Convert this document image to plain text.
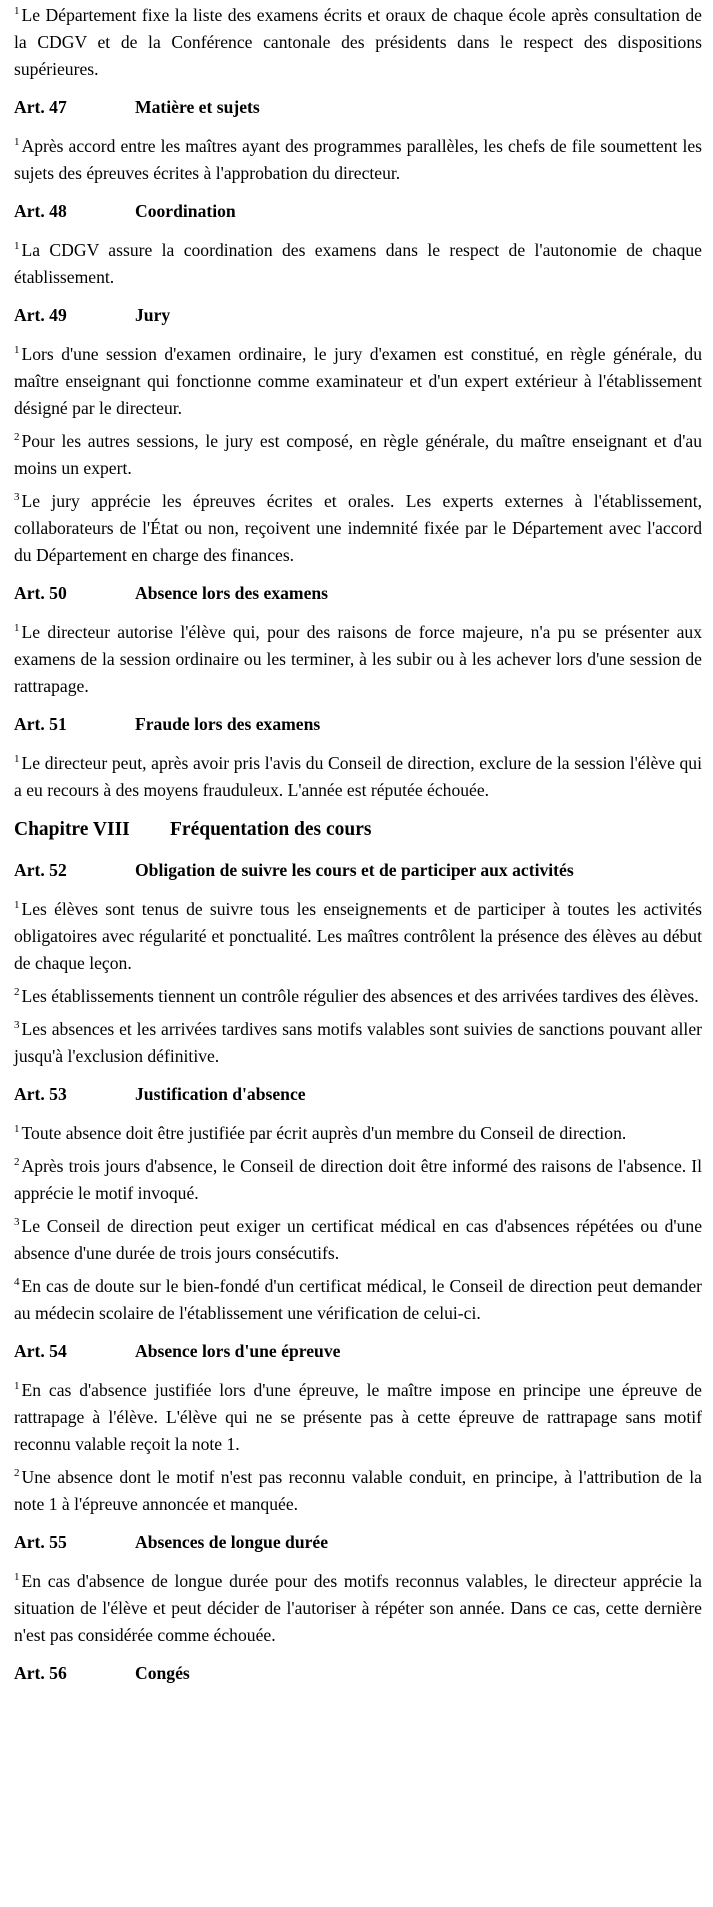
$^1$ Le Département fixe la liste des examens écrits et oraux de chaque école après consultation de la CDGV et de la Conférence cantonale des présidents dans le respect des dispositions supérieures.

Art. 47	Matière et sujets

$^1$ Après accord entre les maîtres ayant des programmes parallèles, les chefs de file soumettent les sujets des épreuves écrites à l'approbation du directeur.

Art. 48	Coordination

$^1$ La CDGV assure la coordination des examens dans le respect de l'autonomie de chaque établissement.

Art. 49	Jury

$^1$ Lors d'une session d'examen ordinaire, le jury d'examen est constitué, en règle générale, du maître enseignant qui fonctionne comme examinateur et d'un expert extérieur à l'établissement désigné par le directeur.

$^2$ Pour les autres sessions, le jury est composé, en règle générale, du maître enseignant et d'au moins un expert.

$^3$ Le jury apprécie les épreuves écrites et orales. Les experts externes à l'établissement, collaborateurs de l'État ou non, reçoivent une indemnité fixée par le Département avec l'accord du Département en charge des finances.

Art. 50	Absence lors des examens

$^1$ Le directeur autorise l'élève qui, pour des raisons de force majeure, n'a pu se présenter aux examens de la session ordinaire ou les terminer, à les subir ou à les achever lors d'une session de rattrapage.

Art. 51	Fraude lors des examens

$^1$ Le directeur peut, après avoir pris l'avis du Conseil de direction, exclure de la session l'élève qui a eu recours à des moyens frauduleux. L'année est réputée échouée.

Chapitre VIII	Fréquentation des cours
Art. 52	Obligation de suivre les cours et de participer aux activités

$^1$ Les élèves sont tenus de suivre tous les enseignements et de participer à toutes les activités obligatoires avec régularité et ponctualité. Les maîtres contrôlent la présence des élèves au début de chaque leçon.

$^2$ Les établissements tiennent un contrôle régulier des absences et des arrivées tardives des élèves.

$^3$ Les absences et les arrivées tardives sans motifs valables sont suivies de sanctions pouvant aller jusqu'à l'exclusion définitive.

Art. 53	Justification d'absence

$^1$ Toute absence doit être justifiée par écrit auprès d'un membre du Conseil de direction.

$^2$ Après trois jours d'absence, le Conseil de direction doit être informé des raisons de l'absence. Il apprécie le motif invoqué.

$^3$ Le Conseil de direction peut exiger un certificat médical en cas d'absences répétées ou d'une absence d'une durée de trois jours consécutifs.

$^4$ En cas de doute sur le bien-fondé d'un certificat médical, le Conseil de direction peut demander au médecin scolaire de l'établissement une vérification de celui-ci.

Art. 54	Absence lors d'une épreuve

$^1$ En cas d'absence justifiée lors d'une épreuve, le maître impose en principe une épreuve de rattrapage à l'élève. L'élève qui ne se présente pas à cette épreuve de rattrapage sans motif reconnu valable reçoit la note 1.

$^2$ Une absence dont le motif n'est pas reconnu valable conduit, en principe, à l'attribution de la note 1 à l'épreuve annoncée et manquée.

Art. 55	Absences de longue durée

$^1$ En cas d'absence de longue durée pour des motifs reconnus valables, le directeur apprécie la situation de l'élève et peut décider de l'autoriser à répéter son année. Dans ce cas, cette dernière n'est pas considérée comme échouée.

Art. 56	Congés
